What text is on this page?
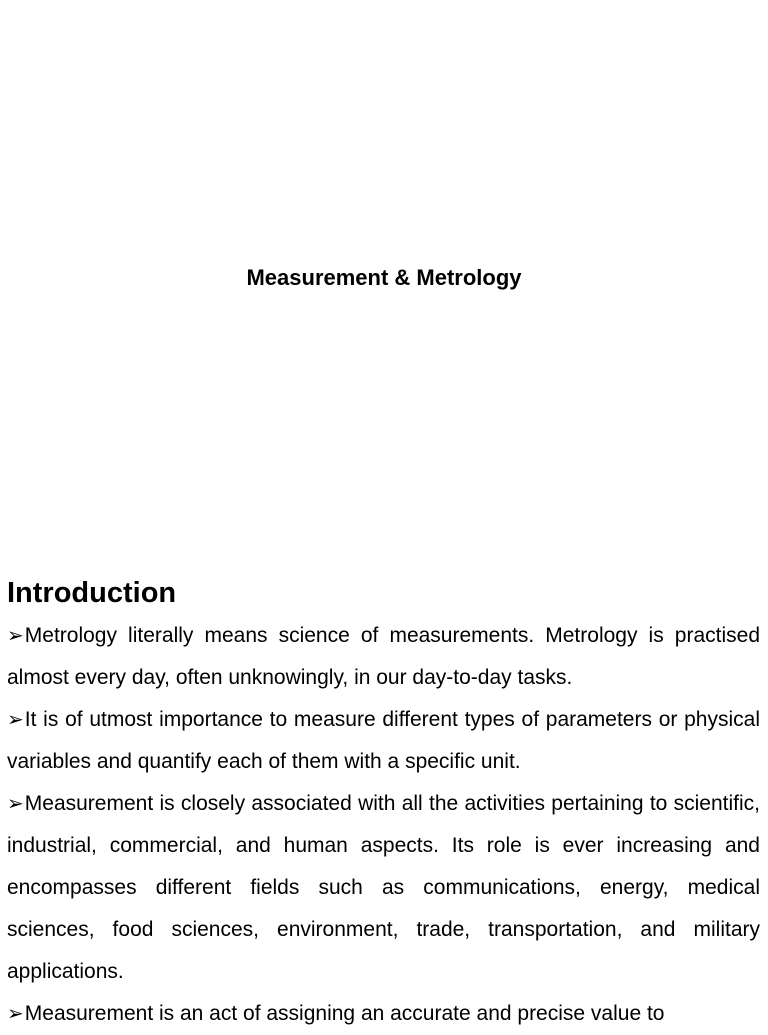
Measurement & Metrology
Introduction

➢Metrology literally means science of measurements. Metrology is practised almost every day, often unknowingly, in our day-to-day tasks.

➢It is of utmost importance to measure different types of parameters or physical variables and quantify each of them with a specific unit.

➢Measurement is closely associated with all the activities pertaining to scientific, industrial, commercial, and human aspects. Its role is ever increasing and encompasses different fields such as communications, energy, medical sciences, food sciences, environment, trade, transportation, and military applications.

➢Measurement is an act of assigning an accurate and precise value to
